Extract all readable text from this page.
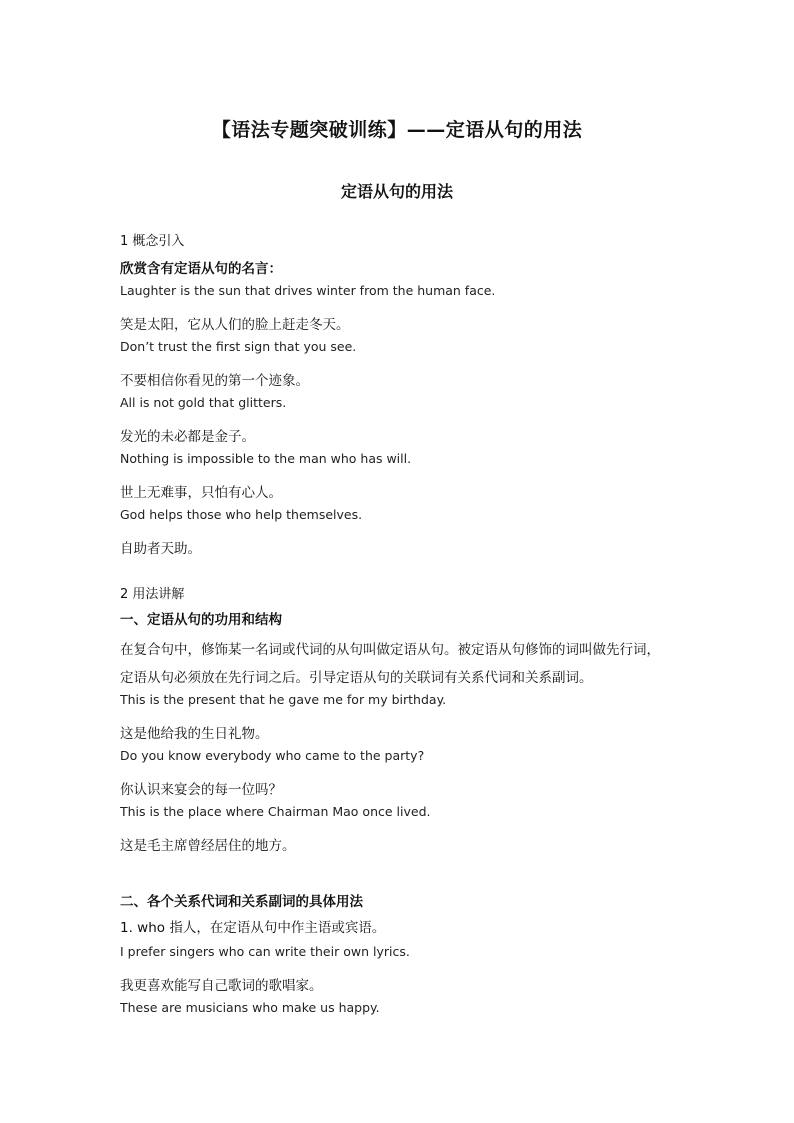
【语法专题突破训练】——定语从句的用法
定语从句的用法
1 概念引入
欣赏含有定语从句的名言：
Laughter is the sun that drives winter from the human face.
笑是太阳，它从人们的脸上赶走冬天。
Don’t trust the first sign that you see.
不要相信你看见的第一个迹象。
All is not gold that glitters.
发光的未必都是金子。
Nothing is impossible to the man who has will.
世上无难事，只怕有心人。
God helps those who help themselves.
自助者天助。
2 用法讲解
一、定语从句的功用和结构
在复合句中，修饰某一名词或代词的从句叫做定语从句。被定语从句修饰的词叫做先行词，
定语从句必须放在先行词之后。引导定语从句的关联词有关系代词和关系副词。
This is the present that he gave me for my birthday.
这是他给我的生日礼物。
Do you know everybody who came to the party?
你认识来宴会的每一位吗？
This is the place where Chairman Mao once lived.
这是毛主席曾经居住的地方。
二、各个关系代词和关系副词的具体用法
1. who 指人，在定语从句中作主语或宾语。
I prefer singers who can write their own lyrics.
我更喜欢能写自己歌词的歌唱家。
These are musicians who make us happy.
